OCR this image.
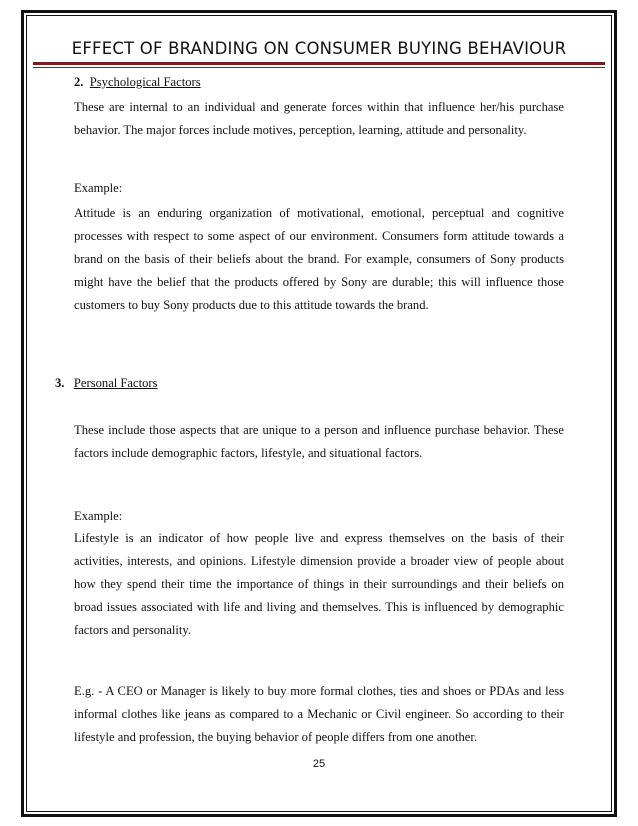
EFFECT OF BRANDING ON CONSUMER BUYING BEHAVIOUR
2. Psychological Factors
These are internal to an individual and generate forces within that influence her/his purchase behavior. The major forces include motives, perception, learning, attitude and personality.
Example:
Attitude is an enduring organization of motivational, emotional, perceptual and cognitive processes with respect to some aspect of our environment. Consumers form attitude towards a brand on the basis of their beliefs about the brand. For example, consumers of Sony products might have the belief that the products offered by Sony are durable; this will influence those customers to buy Sony products due to this attitude towards the brand.
3. Personal Factors
These include those aspects that are unique to a person and influence purchase behavior. These factors include demographic factors, lifestyle, and situational factors.
Example:
Lifestyle is an indicator of how people live and express themselves on the basis of their activities, interests, and opinions. Lifestyle dimension provide a broader view of people about how they spend their time the importance of things in their surroundings and their beliefs on broad issues associated with life and living and themselves. This is influenced by demographic factors and personality.
E.g. - A CEO or Manager is likely to buy more formal clothes, ties and shoes or PDAs and less informal clothes like jeans as compared to a Mechanic or Civil engineer. So according to their lifestyle and profession, the buying behavior of people differs from one another.
25
